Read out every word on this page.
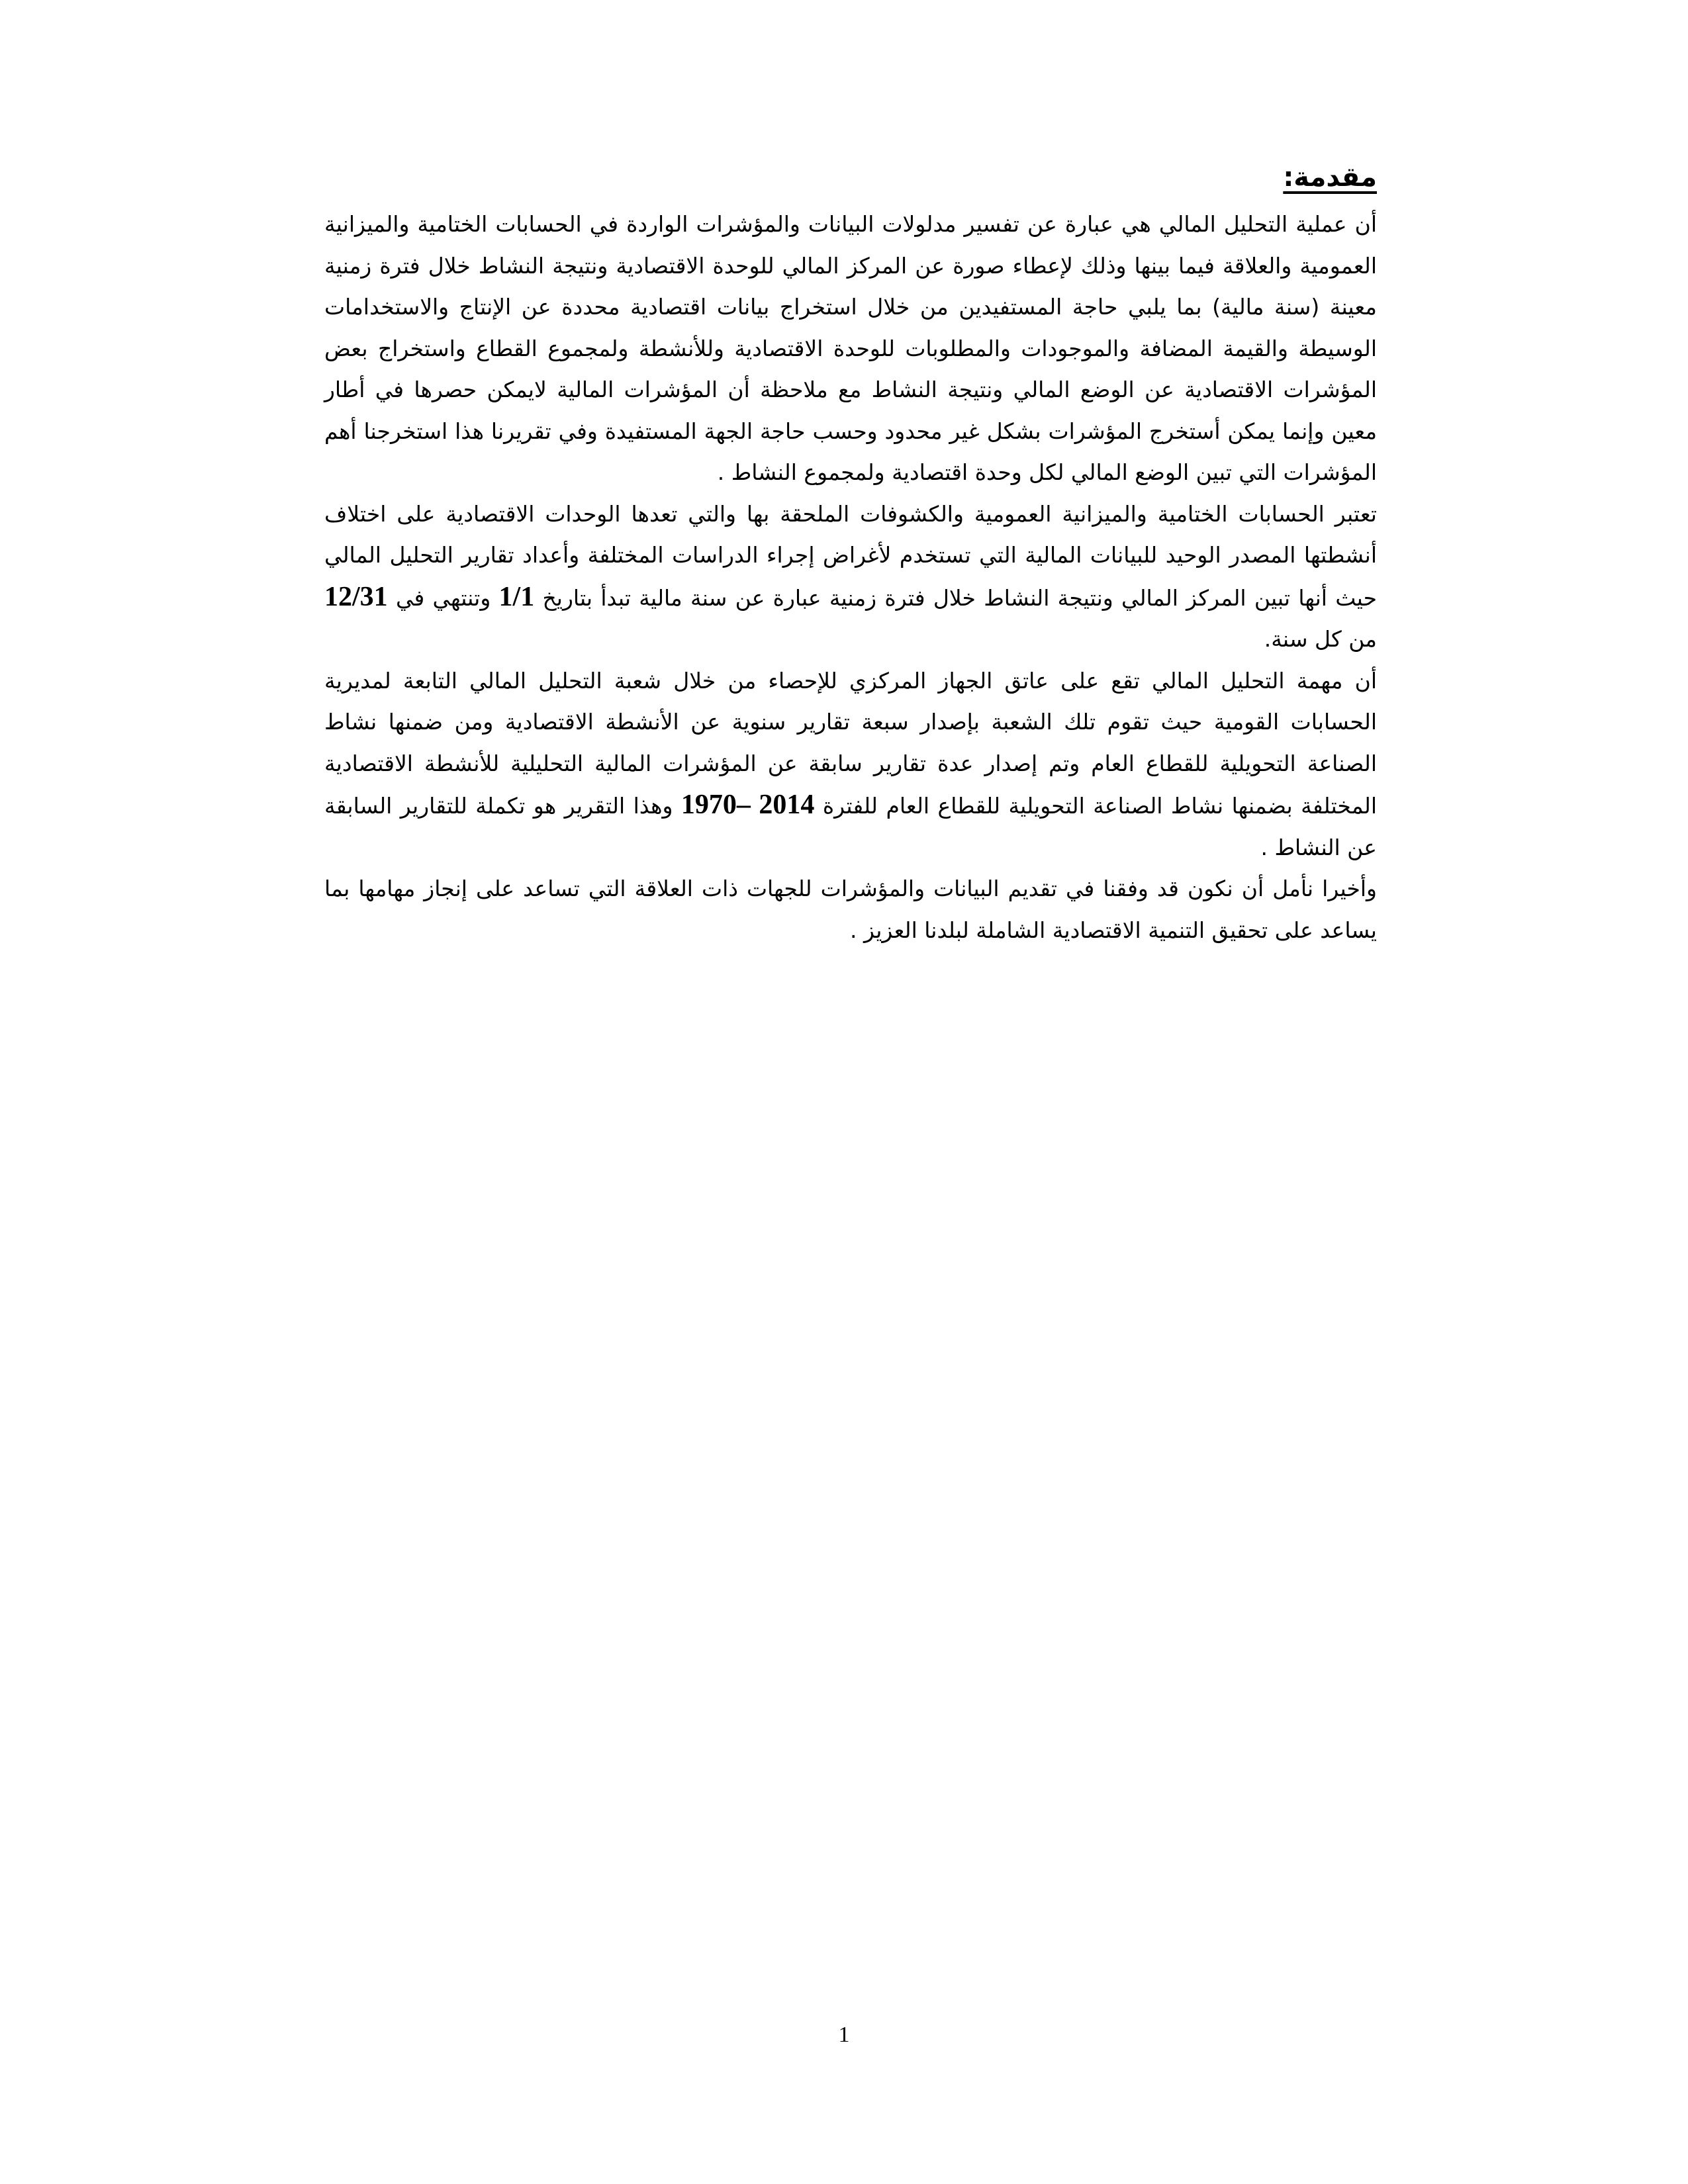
مقدمة:

أن عملية التحليل المالي هي عبارة عن تفسير مدلولات البيانات والمؤشرات الواردة في الحسابات الختامية والميزانية العمومية والعلاقة فيما بينها وذلك لإعطاء صورة عن المركز المالي للوحدة الاقتصادية ونتيجة النشاط خلال فترة زمنية معينة (سنة مالية) بما يلبي حاجة المستفيدين من خلال استخراج بيانات اقتصادية محددة عن الإنتاج والاستخدامات الوسيطة والقيمة المضافة والموجودات والمطلوبات للوحدة الاقتصادية وللأنشطة ولمجموع القطاع واستخراج بعض المؤشرات الاقتصادية عن الوضع المالي ونتيجة النشاط مع ملاحظة أن المؤشرات المالية لايمكن حصرها في أطار معين وإنما يمكن أستخرج المؤشرات بشكل غير محدود وحسب حاجة الجهة المستفيدة وفي تقريرنا هذا استخرجنا أهم المؤشرات التي تبين الوضع المالي لكل وحدة اقتصادية ولمجموع النشاط .

تعتبر الحسابات الختامية والميزانية العمومية والكشوفات الملحقة بها والتي تعدها الوحدات الاقتصادية على اختلاف أنشطتها المصدر الوحيد للبيانات المالية التي تستخدم لأغراض إجراء الدراسات المختلفة وأعداد تقارير التحليل المالي حيث أنها تبين المركز المالي ونتيجة النشاط خلال فترة زمنية عبارة عن سنة مالية تبدأ بتاريخ 1/1 وتنتهي في 12/31 من كل سنة.

أن مهمة التحليل المالي تقع على عاتق الجهاز المركزي للإحصاء من خلال شعبة التحليل المالي التابعة لمديرية الحسابات القومية حيث تقوم تلك الشعبة بإصدار سبعة تقارير سنوية عن الأنشطة الاقتصادية ومن ضمنها نشاط الصناعة التحويلية للقطاع العام وتم إصدار عدة تقارير سابقة عن المؤشرات المالية التحليلية للأنشطة الاقتصادية المختلفة بضمنها نشاط الصناعة التحويلية للقطاع العام للفترة 1970– 2014 وهذا التقرير هو تكملة للتقارير السابقة عن النشاط .

وأخيرا نأمل أن نكون قد وفقنا في تقديم البيانات والمؤشرات للجهات ذات العلاقة التي تساعد على إنجاز مهامها بما يساعد على تحقيق التنمية الاقتصادية الشاملة لبلدنا العزيز .

1
